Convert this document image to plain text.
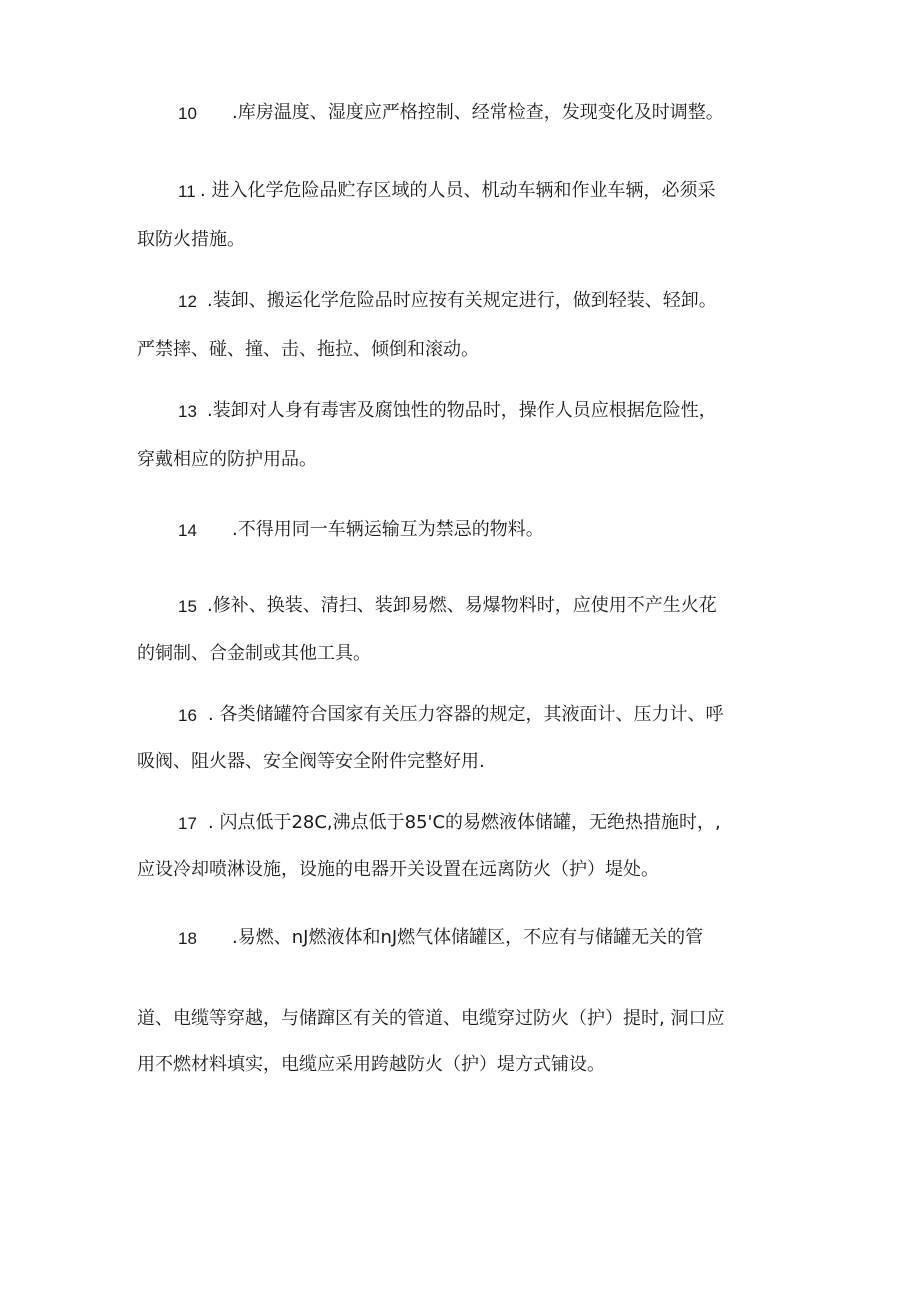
10 .库房温度、湿度应严格控制、经常检查，发现变化及时调整。
11 . 进入化学危险品贮存区域的人员、机动车辆和作业车辆，必须采
取防火措施。
12 .装卸、搬运化学危险品时应按有关规定进行，做到轻装、轻卸。
严禁摔、碰、撞、击、拖拉、倾倒和滚动。
13 .装卸对人身有毒害及腐蚀性的物品时，操作人员应根据危险性，
穿戴相应的防护用品。
14 .不得用同一车辆运输互为禁忌的物料。
15 .修补、换装、清扫、装卸易燃、易爆物料时，应使用不产生火花
的铜制、合金制或其他工具。
16 . 各类储罐符合国家有关压力容器的规定，其液面计、压力计、呼
吸阀、阻火器、安全阀等安全附件完整好用.
17 . 闪点低于28C,沸点低于85'C的易燃液体储罐，无绝热措施时，,
应设冷却喷淋设施，设施的电器开关设置在远离防火（护）堤处。
18 .易燃、nJ燃液体和nJ燃气体储罐区，不应有与储罐无关的管
道、电缆等穿越，与储蹿区有关的管道、电缆穿过防火（护）提时, 洞口应
用不燃材料填实，电缆应采用跨越防火（护）堤方式铺设。
